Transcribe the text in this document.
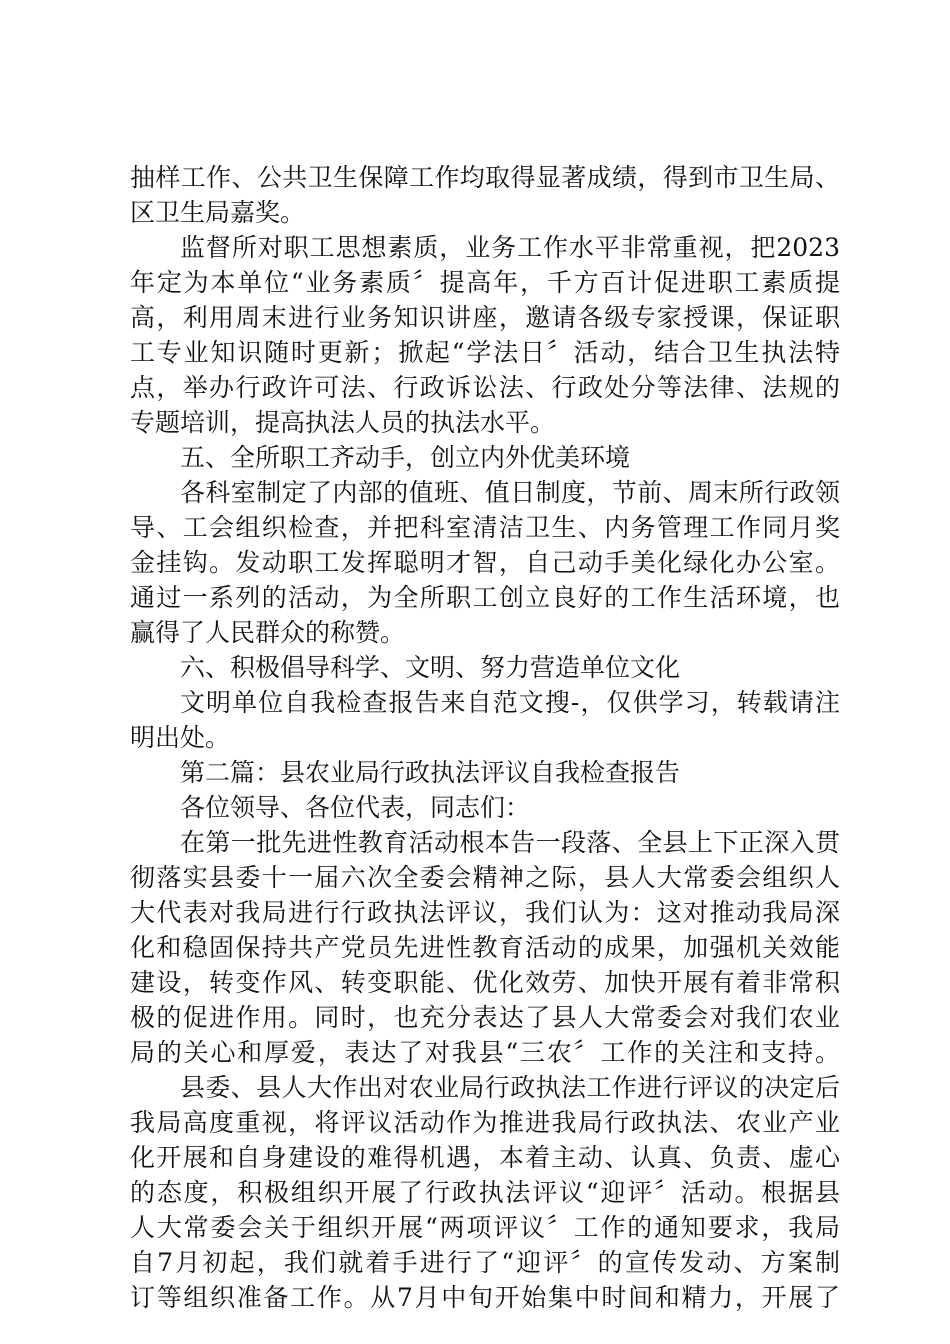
抽样工作、公共卫生保障工作均取得显著成绩，得到市卫生局、
区卫生局嘉奖。
监督所对职工思想素质，业务工作水平非常重视，把2023
年定为本单位“业务素质〞提高年，千方百计促进职工素质提
高，利用周末进行业务知识讲座，邀请各级专家授课，保证职
工专业知识随时更新；掀起“学法日〞活动，结合卫生执法特
点，举办行政许可法、行政诉讼法、行政处分等法律、法规的
专题培训，提高执法人员的执法水平。
五、全所职工齐动手，创立内外优美环境
各科室制定了内部的值班、值日制度，节前、周末所行政领
导、工会组织检查，并把科室清洁卫生、内务管理工作同月奖
金挂钩。发动职工发挥聪明才智，自己动手美化绿化办公室。
通过一系列的活动，为全所职工创立良好的工作生活环境，也
赢得了人民群众的称赞。
六、积极倡导科学、文明、努力营造单位文化
文明单位自我检查报告来自范文搜-，仅供学习，转载请注
明出处。
第二篇：县农业局行政执法评议自我检查报告
各位领导、各位代表，同志们：
在第一批先进性教育活动根本告一段落、全县上下正深入贯
彻落实县委十一届六次全委会精神之际，县人大常委会组织人
大代表对我局进行行政执法评议，我们认为：这对推动我局深
化和稳固保持共产党员先进性教育活动的成果，加强机关效能
建设，转变作风、转变职能、优化效劳、加快开展有着非常积
极的促进作用。同时，也充分表达了县人大常委会对我们农业
局的关心和厚爱，表达了对我县“三农〞工作的关注和支持。
县委、县人大作出对农业局行政执法工作进行评议的决定后
我局高度重视，将评议活动作为推进我局行政执法、农业产业
化开展和自身建设的难得机遇，本着主动、认真、负责、虚心
的态度，积极组织开展了行政执法评议“迎评〞活动。根据县
人大常委会关于组织开展“两项评议〞工作的通知要求，我局
自7月初起，我们就着手进行了“迎评〞的宣传发动、方案制
订等组织准备工作。从7月中旬开始集中时间和精力，开展了
